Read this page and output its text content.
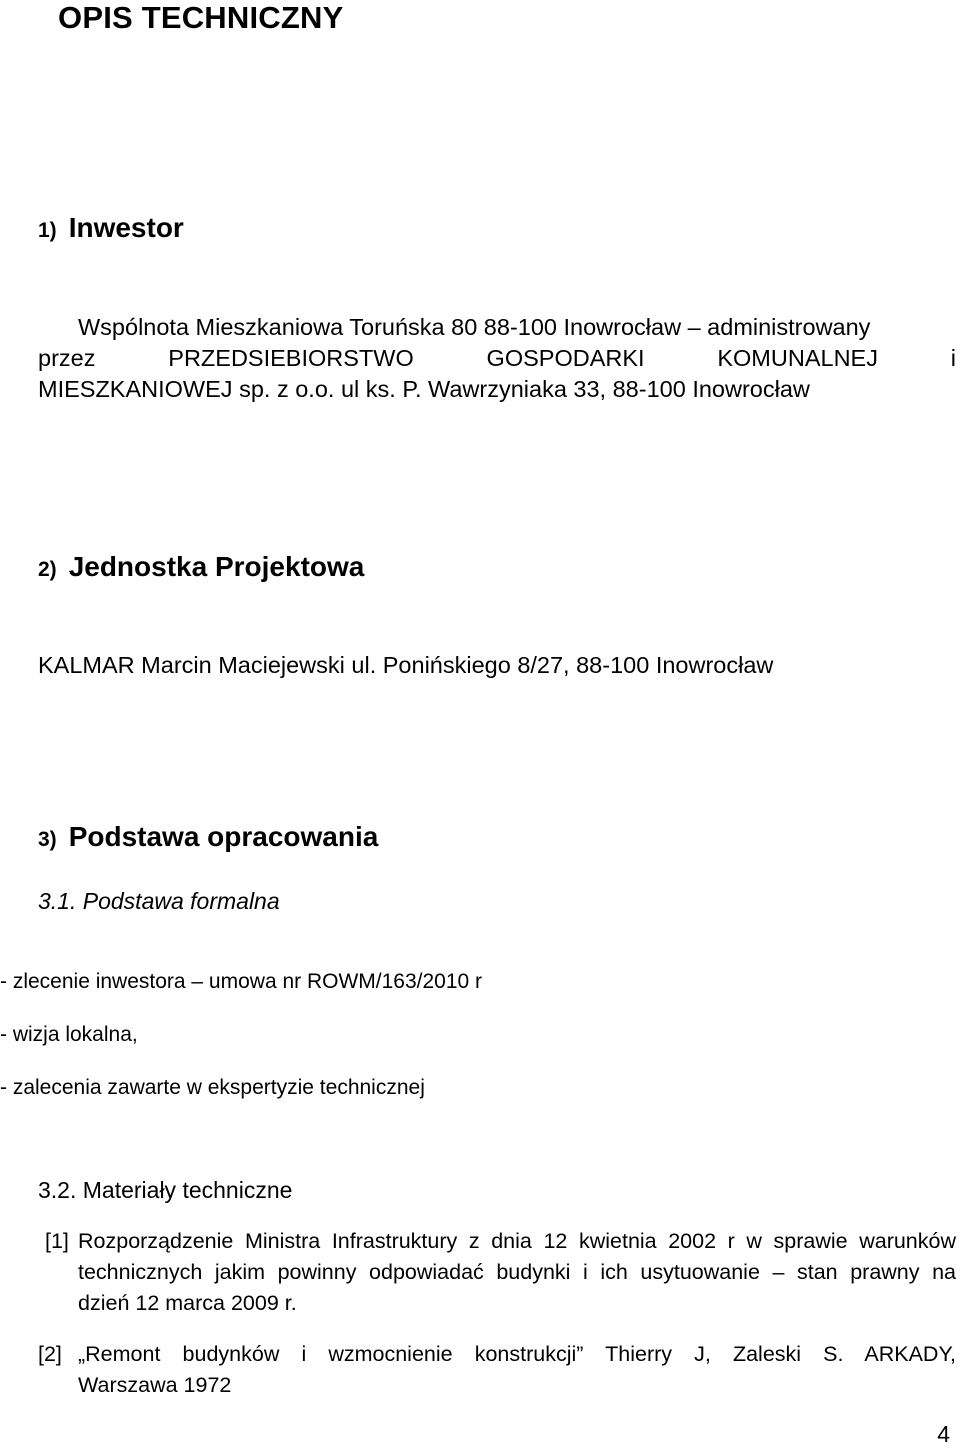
OPIS TECHNICZNY
1) Inwestor
Wspólnota Mieszkaniowa Toruńska 80 88-100 Inowrocław – administrowany
przez PRZEDSIEBIORSTWO GOSPODARKI KOMUNALNEJ i
MIESZKANIOWEJ sp. z o.o. ul ks. P. Wawrzyniaka 33, 88-100 Inowrocław
2) Jednostka Projektowa
KALMAR Marcin Maciejewski ul. Ponińskiego 8/27, 88-100 Inowrocław
3) Podstawa opracowania
3.1. Podstawa formalna
- zlecenie inwestora – umowa nr ROWM/163/2010 r
- wizja lokalna,
- zalecenia zawarte w ekspertyzie technicznej
3.2. Materiały techniczne
[1] Rozporządzenie Ministra Infrastruktury z dnia 12 kwietnia 2002 r w sprawie warunków
technicznych jakim powinny odpowiadać budynki i ich usytuowanie – stan prawny na
dzień 12 marca 2009 r.
[2] „Remont budynków i wzmocnienie konstrukcji” Thierry J, Zaleski S. ARKADY,
Warszawa 1972
4
